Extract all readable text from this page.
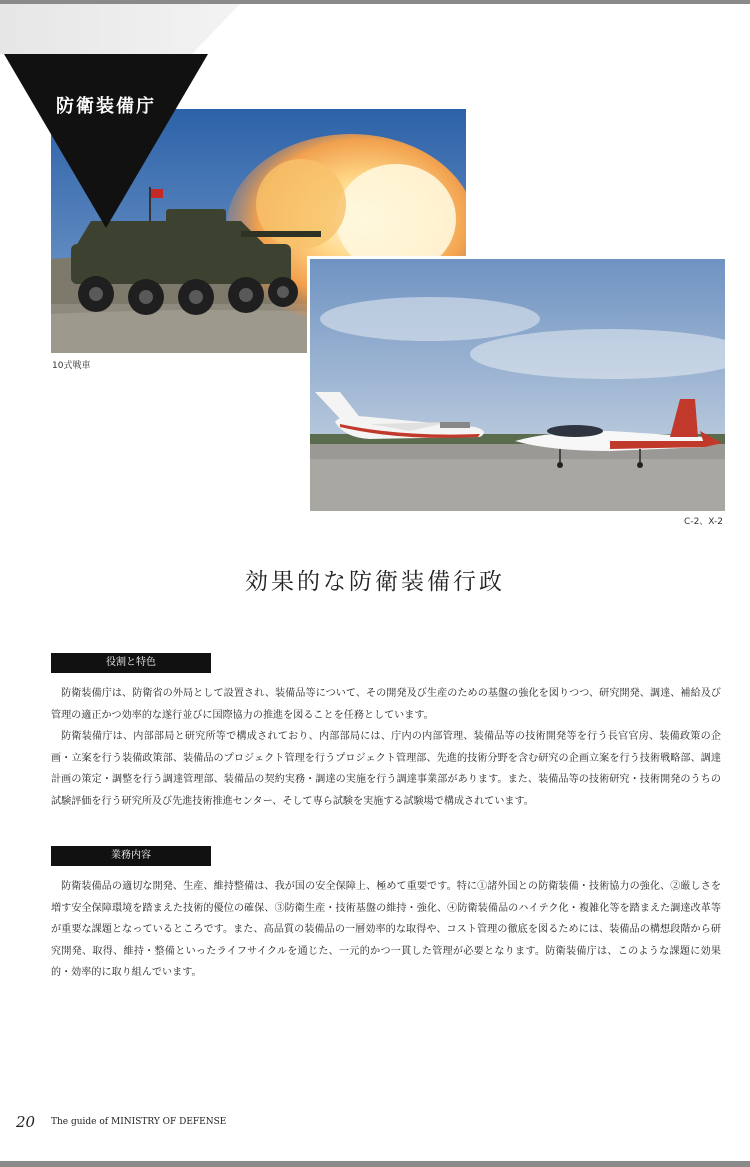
防衛装備庁
10式戦車
C-2、X-2
効果的な防衛装備行政
役割と特色

防衛装備庁は、防衛省の外局として設置され、装備品等について、その開発及び生産のための基盤の強化を図りつつ、研究開発、調達、補給及び管理の適正かつ効率的な遂行並びに国際協力の推進を図ることを任務としています。

防衛装備庁は、内部部局と研究所等で構成されており、内部部局には、庁内の内部管理、装備品等の技術開発等を行う長官官房、装備政策の企画・立案を行う装備政策部、装備品のプロジェクト管理を行うプロジェクト管理部、先進的技術分野を含む研究の企画立案を行う技術戦略部、調達計画の策定・調整を行う調達管理部、装備品の契約実務・調達の実施を行う調達事業部があります。また、装備品等の技術研究・技術開発のうちの試験評価を行う研究所及び先進技術推進センター、そして専ら試験を実施する試験場で構成されています。

業務内容

防衛装備品の適切な開発、生産、維持整備は、我が国の安全保障上、極めて重要です。特に①諸外国との防衛装備・技術協力の強化、②厳しさを増す安全保障環境を踏まえた技術的優位の確保、③防衛生産・技術基盤の維持・強化、④防衛装備品のハイテク化・複雑化等を踏まえた調達改革等が重要な課題となっているところです。また、高品質の装備品の一層効率的な取得や、コスト管理の徹底を図るためには、装備品の構想段階から研究開発、取得、維持・整備といったライフサイクルを通じた、一元的かつ一貫した管理が必要となります。防衛装備庁は、このような課題に効果的・効率的に取り組んでいます。

20 The guide of MINISTRY OF DEFENSE
